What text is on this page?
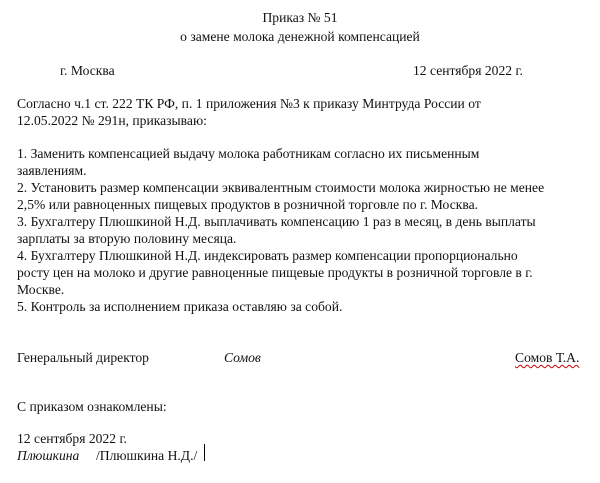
Приказ № 51
о замене молока денежной компенсацией
г. Москва	12 сентября 2022 г.
Согласно ч.1 ст. 222 ТК РФ, п. 1 приложения №3 к приказу Минтруда России от
12.05.2022 № 291н, приказываю:
1. Заменить компенсацией выдачу молока работникам согласно их письменным
заявлениям.
2. Установить размер компенсации эквивалентным стоимости молока жирностью не менее
2,5% или равноценных пищевых продуктов в розничной торговле по г. Москва.
3. Бухгалтеру Плюшкиной Н.Д. выплачивать компенсацию 1 раз в месяц, в день выплаты
зарплаты за вторую половину месяца.
4. Бухгалтеру Плюшкиной Н.Д. индексировать размер компенсации пропорционально
росту цен на молоко и другие равноценные пищевые продукты в розничной торговле в г.
Москве.
5. Контроль за исполнением приказа оставляю за собой.
Генеральный директор	Сомов	Сомов Т.А.
С приказом ознакомлены:
12 сентября 2022 г.
Плюшкина /Плюшкина Н.Д./
